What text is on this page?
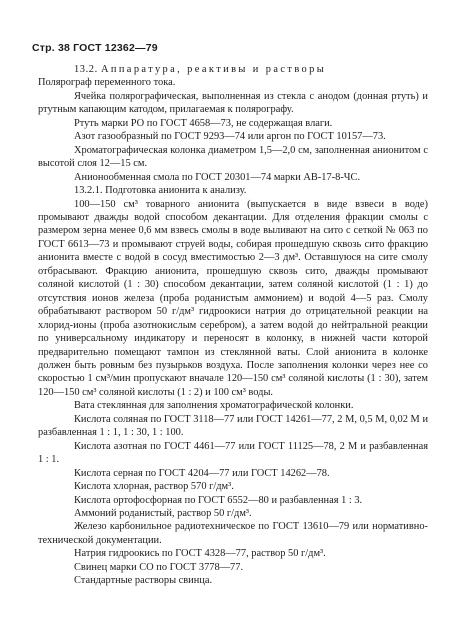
Стр. 38 ГОСТ 12362—79

13.2. Аппаратура, реактивы и растворы

Полярограф переменного тока.

Ячейка полярографическая, выполненная из стекла с анодом (донная ртуть) и ртутным капающим катодом, прилагаемая к полярографу.

Ртуть марки РО по ГОСТ 4658—73, не содержащая влаги.

Азот газообразный по ГОСТ 9293—74 или аргон по ГОСТ 10157—73.

Хроматографическая колонка диаметром 1,5—2,0 см, заполненная анионитом с высотой слоя 12—15 см.

Анионообменная смола по ГОСТ 20301—74 марки АВ-17-8-ЧС.

13.2.1. Подготовка анионита к анализу.

100—150 см³ товарного анионита (выпускается в виде взвеси в воде) промывают дважды водой способом декантации. Для отделения фракции смолы с размером зерна менее 0,6 мм взвесь смолы в воде выливают на сито с сеткой № 063 по ГОСТ 6613—73 и промывают струей воды, собирая прошедшую сквозь сито фракцию анионита вместе с водой в сосуд вместимостью 2—3 дм³. Оставшуюся на сите смолу отбрасывают. Фракцию анионита, прошедшую сквозь сито, дважды промывают соляной кислотой (1 : 30) способом декантации, затем соляной кислотой (1 : 1) до отсутствия ионов железа (проба роданистым аммонием) и водой 4—5 раз. Смолу обрабатывают раствором 50 г/дм³ гидроокиси натрия до отрицательной реакции на хлорид-ионы (проба азотнокислым серебром), а затем водой до нейтральной реакции по универсальному индикатору и переносят в колонку, в нижней части которой предварительно помещают тампон из стеклянной ваты. Слой анионита в колонке должен быть ровным без пузырьков воздуха. После заполнения колонки через нее со скоростью 1 см³/мин пропускают вначале 120—150 см³ соляной кислоты (1 : 30), затем 120—150 см³ соляной кислоты (1 : 2) и 100 см³ воды.

Вата стеклянная для заполнения хроматографической колонки.

Кислота соляная по ГОСТ 3118—77 или ГОСТ 14261—77, 2 М, 0,5 М, 0,02 М и разбавленная 1 : 1, 1 : 30, 1 : 100.

Кислота азотная по ГОСТ 4461—77 или ГОСТ 11125—78, 2 М и разбавленная 1 : 1.

Кислота серная по ГОСТ 4204—77 или ГОСТ 14262—78.

Кислота хлорная, раствор 570 г/дм³.

Кислота ортофосфорная по ГОСТ 6552—80 и разбавленная 1 : 3.

Аммоний роданистый, раствор 50 г/дм³.

Железо карбонильное радиотехническое по ГОСТ 13610—79 или нормативно-технической документации.

Натрия гидроокись по ГОСТ 4328—77, раствор 50 г/дм³.

Свинец марки СО по ГОСТ 3778—77.

Стандартные растворы свинца.
